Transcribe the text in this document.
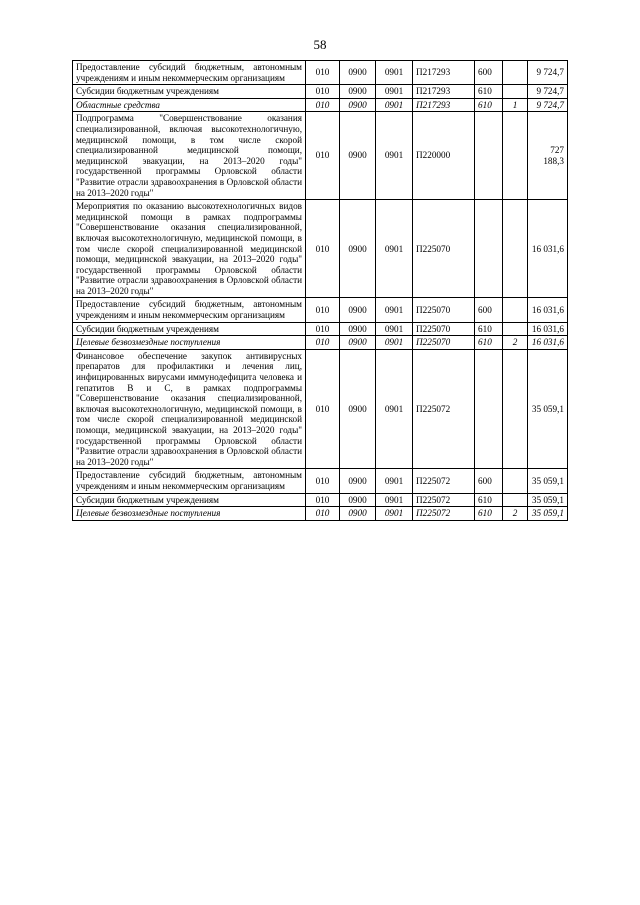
58
Предоставление субсидий бюджетным, автономным учреждениям и иным некоммерческим организациям	010	0900	0901	П217293	600		9 724,7
Субсидии бюджетным учреждениям	010	0900	0901	П217293	610		9 724,7
Областные средства	010	0900	0901	П217293	610	1	9 724,7
Подпрограмма "Совершенствование оказания специализированной, включая высокотехнологичную, медицинской помощи, в том числе скорой специализированной медицинской помощи, медицинской эвакуации, на 2013–2020 годы" государственной программы Орловской области "Развитие отрасли здравоохранения в Орловской области на 2013–2020 годы"	010	0900	0901	П220000			727 188,3
Мероприятия по оказанию высокотехнологичных видов медицинской помощи в рамках подпрограммы "Совершенствование оказания специализированной, включая высокотехнологичную, медицинской помощи, в том числе скорой специализированной медицинской помощи, медицинской эвакуации, на 2013–2020 годы" государственной программы Орловской области "Развитие отрасли здравоохранения в Орловской области на 2013–2020 годы"	010	0900	0901	П225070			16 031,6
Предоставление субсидий бюджетным, автономным учреждениям и иным некоммерческим организациям	010	0900	0901	П225070	600		16 031,6
Субсидии бюджетным учреждениям	010	0900	0901	П225070	610		16 031,6
Целевые безвозмездные поступления	010	0900	0901	П225070	610	2	16 031,6
Финансовое обеспечение закупок антивирусных препаратов для профилактики и лечения лиц, инфицированных вирусами иммунодефицита человека и гепатитов B и C, в рамках подпрограммы "Совершенствование оказания специализированной, включая высокотехнологичную, медицинской помощи, в том числе скорой специализированной медицинской помощи, медицинской эвакуации, на 2013–2020 годы" государственной программы Орловской области "Развитие отрасли здравоохранения в Орловской области на 2013–2020 годы"	010	0900	0901	П225072			35 059,1
Предоставление субсидий бюджетным, автономным учреждениям и иным некоммерческим организациям	010	0900	0901	П225072	600		35 059,1
Субсидии бюджетным учреждениям	010	0900	0901	П225072	610		35 059,1
Целевые безвозмездные поступления	010	0900	0901	П225072	610	2	35 059,1
